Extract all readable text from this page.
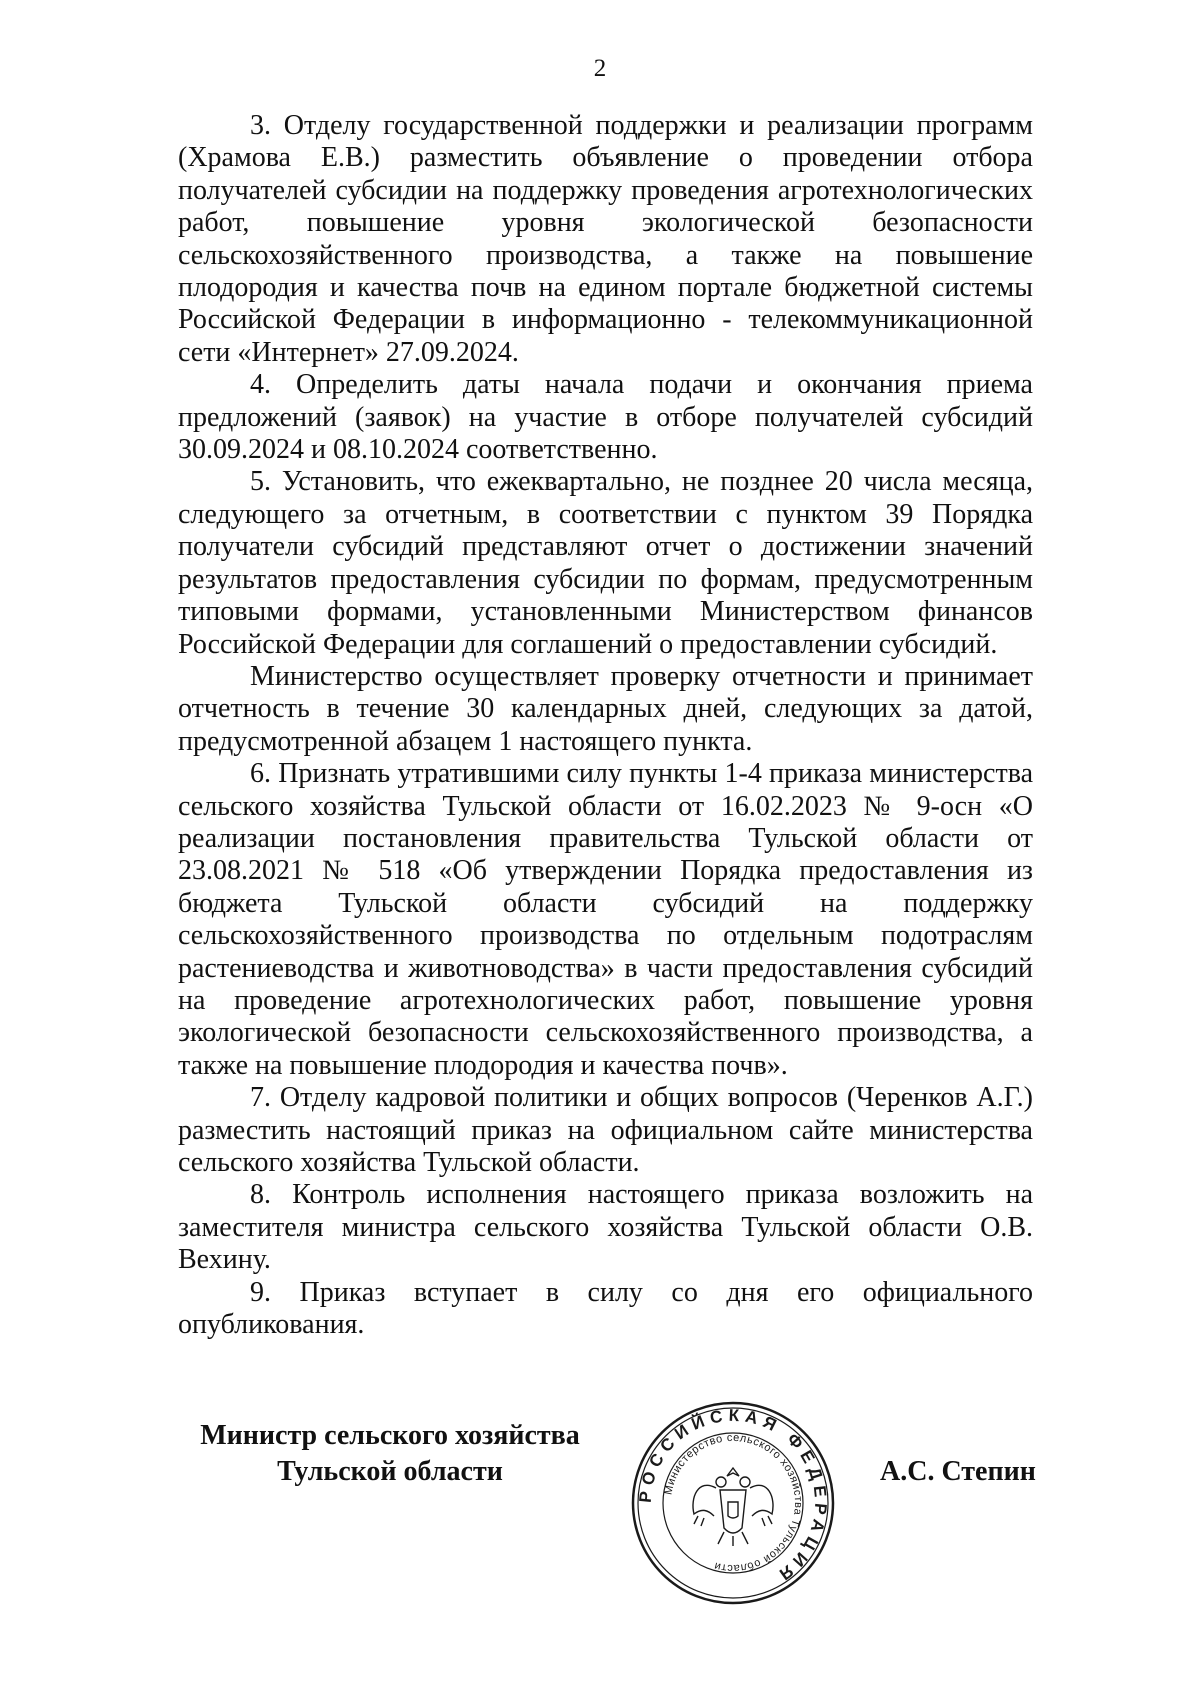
2

3. Отделу государственной поддержки и реализации программ (Храмова Е.В.) разместить объявление о проведении отбора получателей субсидии на поддержку проведения агротехнологических работ, повышение уровня экологической безопасности сельскохозяйственного производства, а также на повышение плодородия и качества почв на едином портале бюджетной системы Российской Федерации в информационно - телекоммуникационной сети «Интернет» 27.09.2024.

4. Определить даты начала подачи и окончания приема предложений (заявок) на участие в отборе получателей субсидий 30.09.2024 и 08.10.2024 соответственно.

5. Установить, что ежеквартально, не позднее 20 числа месяца, следующего за отчетным, в соответствии с пунктом 39 Порядка получатели субсидий представляют отчет о достижении значений результатов предоставления субсидии по формам, предусмотренным типовыми формами, установленными Министерством финансов Российской Федерации для соглашений о предоставлении субсидий.

Министерство осуществляет проверку отчетности и принимает отчетность в течение 30 календарных дней, следующих за датой, предусмотренной абзацем 1 настоящего пункта.

6. Признать утратившими силу пункты 1-4 приказа министерства сельского хозяйства Тульской области от 16.02.2023 № 9-осн «О реализации постановления правительства Тульской области от 23.08.2021 № 518 «Об утверждении Порядка предоставления из бюджета Тульской области субсидий на поддержку сельскохозяйственного производства по отдельным подотраслям растениеводства и животноводства» в части предоставления субсидий на проведение агротехнологических работ, повышение уровня экологической безопасности сельскохозяйственного производства, а также на повышение плодородия и качества почв».

7. Отделу кадровой политики и общих вопросов (Черенков А.Г.) разместить настоящий приказ на официальном сайте министерства сельского хозяйства Тульской области.

8. Контроль исполнения настоящего приказа возложить на заместителя министра сельского хозяйства Тульской области О.В. Вехину.

9. Приказ вступает в силу со дня его официального опубликования.

Министр сельского хозяйства
Тульской области
РОССИЙСКАЯ ФЕДЕРАЦИЯ
Министерство сельского хозяйства Тульской области
А.С. Степин
